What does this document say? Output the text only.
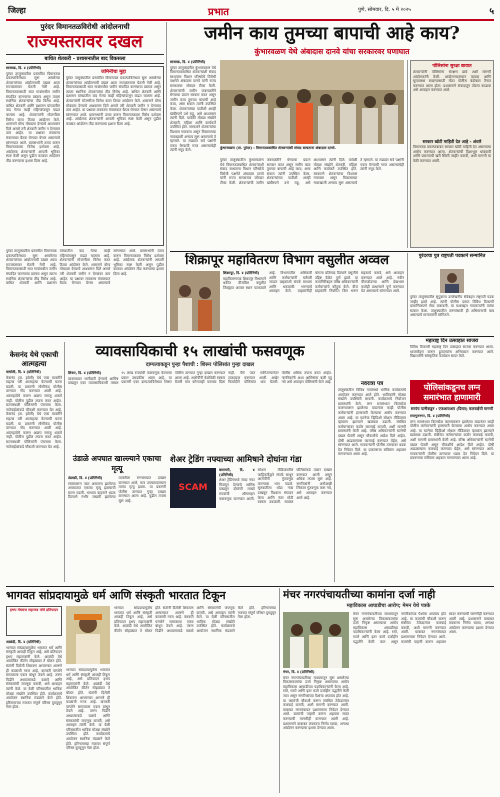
जिल्हा	प्रभात	पुणे, सोमवार, दि. ५ मे २०२५	५
पुरंदर विमानतळविरोधी आंदोलनाची
राज्यस्तरावर दखल
बाधित शेतकरी - प्रशासनातील बाद विकसला
सासवड, दि. ४ (प्रतिनिधी)
पुरंदर तालुक्यातील प्रस्तावित विमानतळ प्रकल्पाविरोधात सुरू असलेल्या शेतकऱ्यांच्या आंदोलनाची दखल आता राज्यस्तरावर घेतली गेली आहे. विमानतळासाठी सात गावांमधील जमीन संपादित करण्याचा प्रस्ताव असून त्याला स्थानिक शेतकऱ्यांचा तीव्र विरोध आहे. बाधित शेतकरी आणि प्रशासन यांच्यातील वाद गेल्या काही महिन्यांपासून वाढत चालला आहे. शेतकऱ्यांनी मोजणीला विरोध करत ठिय्या आंदोलन केले. शासनाने योग्य मोबदला देण्याचे आश्वासन दिले असले तरी शेतकरी जमीन न देण्यावर ठाम आहेत. या प्रश्नावर लवकरच मंत्रालयात बैठक घेण्यात येणार असल्याचे सांगण्यात आले. ग्रामसभांनी ठराव करून विमानतळाला विरोध दर्शवला आहे. आंदोलक शेतकऱ्यांनी आपली भूमिका स्पष्ट केली असून पुढील काळात आंदोलन तीव्र करण्याचा इशारा दिला आहे.
जमिनीचा मुद्दा
पुरंदर तालुक्यातील प्रस्तावित विमानतळ प्रकल्पाविरोधात सुरू असलेल्या शेतकऱ्यांच्या आंदोलनाची दखल आता राज्यस्तरावर घेतली गेली आहे. विमानतळासाठी सात गावांमधील जमीन संपादित करण्याचा प्रस्ताव असून त्याला स्थानिक शेतकऱ्यांचा तीव्र विरोध आहे. बाधित शेतकरी आणि प्रशासन यांच्यातील वाद गेल्या काही महिन्यांपासून वाढत चालला आहे. शेतकऱ्यांनी मोजणीला विरोध करत ठिय्या आंदोलन केले. शासनाने योग्य मोबदला देण्याचे आश्वासन दिले असले तरी शेतकरी जमीन न देण्यावर ठाम आहेत. या प्रश्नावर लवकरच मंत्रालयात बैठक घेण्यात येणार असल्याचे सांगण्यात आले. ग्रामसभांनी ठराव करून विमानतळाला विरोध दर्शवला आहे. आंदोलक शेतकऱ्यांनी आपली भूमिका स्पष्ट केली असून पुढील काळात आंदोलन तीव्र करण्याचा इशारा दिला आहे.
पुरंदर तालुक्यातील प्रस्तावित विमानतळ प्रकल्पाविरोधात सुरू असलेल्या शेतकऱ्यांच्या आंदोलनाची दखल आता राज्यस्तरावर घेतली गेली आहे. विमानतळासाठी सात गावांमधील जमीन संपादित करण्याचा प्रस्ताव असून त्याला स्थानिक शेतकऱ्यांचा तीव्र विरोध आहे. बाधित शेतकरी आणि प्रशासन यांच्यातील वाद गेल्या काही महिन्यांपासून वाढत चालला आहे. शेतकऱ्यांनी मोजणीला विरोध करत ठिय्या आंदोलन केले. शासनाने योग्य मोबदला देण्याचे आश्वासन दिले असले तरी शेतकरी जमीन न देण्यावर ठाम आहेत. या प्रश्नावर लवकरच मंत्रालयात बैठक घेण्यात येणार असल्याचे सांगण्यात आले. ग्रामसभांनी ठराव करून विमानतळाला विरोध दर्शवला आहे. आंदोलक शेतकऱ्यांनी आपली भूमिका स्पष्ट केली असून पुढील काळात आंदोलन तीव्र करण्याचा इशारा दिला आहे.
जमीन काय तुमच्या बापाची आहे काय?
कुंभारवळण येथे अंबादास दानवे यांचा सरकारवर घणाघात
सासवड, दि. ४ (प्रतिनिधी)
पुरंदर तालुक्यातील कुंभारवळण येथे विमानतळबाधित शेतकऱ्यांशी संवाद साधताना विधान परिषदेचे विरोधी पक्षनेते अंबादास दानवे यांनी राज्य सरकारवर जोरदार टीका केली. शेतकऱ्यांची जमीन जबरदस्तीने घेण्याचा प्रयत्न सरकार करत असून जमीन काय तुमच्या बापाची आहे काय, असा सवाल त्यांनी उपस्थित केला. शेतकऱ्यांच्या पाठीशी आम्ही खंबीरपणे उभे राहू, असे आश्वासन त्यांनी दिले. यावेळी मोठ्या संख्येने शेतकरी, महिला आणि कार्यकर्ते उपस्थित होते. सरकारने शेतकऱ्यांचा विश्वास गमावला असून विकासाच्या नावाखाली अन्याय सुरू असल्याचे ते म्हणाले. या लढ्यात सर्व पक्षांनी एकत्र येण्याची गरज असल्याचेही त्यांनी नमूद केले.
कुंभारवळण (ता. पुरंदर) : विमानतळबाधित शेतकऱ्यांशी संवाद साधताना अंबादास दानवे.
पुरंदर तालुक्यातील कुंभारवळण येथे विमानतळबाधित शेतकऱ्यांशी संवाद साधताना विधान परिषदेचे विरोधी पक्षनेते अंबादास दानवे यांनी राज्य सरकारवर जोरदार टीका केली. शेतकऱ्यांची जमीन जबरदस्तीने घेण्याचा प्रयत्न सरकार करत असून जमीन काय तुमच्या बापाची आहे काय, असा सवाल त्यांनी उपस्थित केला. शेतकऱ्यांच्या पाठीशी आम्ही खंबीरपणे उभे राहू, असे आश्वासन त्यांनी दिले. यावेळी मोठ्या संख्येने शेतकरी, महिला आणि कार्यकर्ते उपस्थित होते. सरकारने शेतकऱ्यांचा विश्वास गमावला असून विकासाच्या नावाखाली अन्याय सुरू असल्याचे ते म्हणाले. या लढ्यात सर्व पक्षांनी एकत्र येण्याची गरज असल्याचेही त्यांनी नमूद केले.
पोलिसांना सुरक्षा द्यावात
शेतकऱ्यांनी पोलिसांना संरक्षण द्यावे अशी मागणी आंदोलकांनी केली. आंदोलनादरम्यान कायदा आणि सुव्यवस्था राखण्यासाठी मोठा पोलीस बंदोबस्त तैनात करण्यात आला होता. प्रशासनाने संवादातून तोडगा काढावा असे आवाहन करण्यात आले.
सरकार खोटी माहिती देत आहे - अंधारे
विमानतळ प्रकल्पाबाबत सरकार खोटी माहिती देत असल्याचा आरोप करण्यात आला. शेतकऱ्यांची दिशाभूल थांबवावी आणि प्रकल्पाची खरी स्थिती जाहीर करावी, अशी मागणी या वेळी करण्यात आली.
शिक्रापूर महावितरण विभाग वसुलीत अव्वल
शिक्रापूर, दि. ४ (प्रतिनिधी)
महावितरणच्या शिक्रापूर विभागाने थकीत वीजबिल वसुलीत जिल्ह्यात अव्वल स्थान पटकावले आहे. विभागातील अधिकारी आणि कर्मचाऱ्यांनी घरोघरी जाऊन ग्राहकांशी संपर्क साधला आणि थकबाकी भरण्याचे आवाहन केले. ग्राहकांनीही चांगला प्रतिसाद दिल्याने वसुलीचे उद्दिष्ट वेळेत पूर्ण झाले. या कामगिरीबद्दल वरिष्ठ अधिकाऱ्यांनी कर्मचाऱ्यांचे कौतुक केले. वीज ग्राहकांनी नियमित बिल भरून सहकार्य करावे, असे आवाहन करण्यात आले आहे. नवीन वीजजोडण्या आणि देखभाल कामेही प्राधान्याने पूर्ण करण्यात येत असल्याचे सांगण्यात आले.
पुरंदरचा पुत्र राष्ट्रपती पदकाने सन्मानित
पुरंदर तालुक्यातील सुपुत्राला उल्लेखनीय सेवेबद्दल राष्ट्रपती पदक जाहीर झाले आहे. त्यांनी पोलीस दलात विविध ठिकाणी प्रामाणिकपणे सेवा बजावली. या यशाबद्दल गावकऱ्यांनी त्यांचा सत्कार केला. तालुक्यातील तरुणांसाठी ही अभिमानाची बाब असल्याचे मान्यवरांनी सांगितले.
महाराष्ट्र दिन उत्साहात साजरा
विविध ठिकाणी महाराष्ट्र दिन उत्साहात साजरा करण्यात आला. ध्वजारोहण करून हुतात्म्यांना अभिवादन करण्यात आले. विद्यार्थ्यांनी सांस्कृतिक कार्यक्रम सादर केले.
केसनंद येथे एकाची आत्महत्या
वाघोली, दि. ४ (प्रतिनिधी)
केसनंद (ता. हवेली) येथे एका व्यक्तीने राहत्या घरी आत्महत्या केल्याची घटना घडली. या प्रकरणी लोणीकंद पोलीस ठाण्यात नोंद करण्यात आली आहे. आत्महत्येचे कारण अद्याप समजू शकले नाही. पोलीस पुढील तपास करत आहेत. घटनास्थळी पोलिसांनी पंचनामा केला. नातेवाईकांकडे चौकशी करण्यात येत आहे. केसनंद (ता. हवेली) येथे एका व्यक्तीने राहत्या घरी आत्महत्या केल्याची घटना घडली. या प्रकरणी लोणीकंद पोलीस ठाण्यात नोंद करण्यात आली आहे. आत्महत्येचे कारण अद्याप समजू शकले नाही. पोलीस पुढील तपास करत आहेत. घटनास्थळी पोलिसांनी पंचनामा केला. नातेवाईकांकडे चौकशी करण्यात येत आहे.
व्यावसायिकाची १५ लाखांची फसवणूक
दाम्पत्याकडून पुन्हा पैशाची : शिरूर पोलिसांत गुन्हा दाखल
शिरूर, दि. ४ (प्रतिनिधी)
व्यवसायात भागीदारी देण्याचे आमिष दाखवून एका व्यावसायिकाची तब्बल १५ लाख रुपयांची फसवणूक केल्याचा प्रकार उघडकीस आला आहे. या प्रकरणी एका दाम्पत्याविरोधात शिरूर पोलीस ठाण्यात गुन्हा दाखल करण्यात आला आहे. आरोपींनी वेळोवेळी रक्कम घेतली मात्र कोणताही परतावा दिला नाही. पैसे परत मागितल्यानंतर टाळाटाळ करण्यात आली. अखेर फिर्यादीने पोलिसांत धाव घेतली. पोलीस अधिक तपास करत आहेत. नागरिकांनी अशा आमिषांना बळी पडू नये असे आवाहन पोलिसांनी केले आहे.
उंडाळे अपघात खाल्ल्याने एकाचा मृत्यू
उंडवडी, दि. ४ (प्रतिनिधी)
रस्त्यावरून जात असताना झालेल्या अपघातात एकाचा मृत्यू झाल्याची घटना घडली. भरधाव वाहनाने धडक दिल्याने गंभीर जखमी झालेल्या व्यक्तीला रुग्णालयात दाखल करण्यात आले, मात्र उपचारादरम्यान त्याचा मृत्यू झाला. या प्रकरणी पोलीस ठाण्यात गुन्हा दाखल करण्यात आला आहे. पुढील तपास सुरू आहे.
शेअर ट्रेडिंग नफ्याच्या आमिषाने दोघांना गंडा
SCAM
बारामती, दि. ४ (प्रतिनिधी)
शेअर ट्रेडिंगमध्ये जादा नफा मिळवून देण्याचे आमिष दाखवून दोघांची लाखो रुपयांची ऑनलाइन फसवणूक करण्यात आली. सोशल मीडियावरील जाहिरातीद्वारे संपर्क साधून आरोपींनी गुंतवणूक करण्यास भाग पाडले. सुरुवातीला थोडा नफा दाखवून विश्वास संपादन केला आणि नंतर मोठी रक्कम उकळली. सायबर पोलिसांकडे तक्रार दाखल करण्यात आली असून अधिक तपास सुरू आहे. नागरिकांनी अनोळखी लिंकवर गुंतवणूक करू नये, असे आवाहन करण्यात आले आहे.
नवरात्रा पत्र
तालुक्यातील विविध गावांमध्ये धार्मिक कार्यक्रमांचे आयोजन करण्यात आले होते. भाविकांनी मोठ्या संख्येने उपस्थिती लावली. कार्यक्रमाचे नियोजन ग्रामस्थांनी केले. लग्न समारंभात किरकोळ कारणावरून झालेल्या वादानंतर काही पोलीस कर्मचाऱ्यांनी हाणामारी केल्याचा आरोप करण्यात आला आहे. या घटनेचा व्हिडिओ सोशल मीडियावर व्हायरल झाल्याने खळबळ उडाली. संबंधित कर्मचाऱ्यांवर कठोर कारवाई करावी, अशी मागणी ग्रामस्थांनी केली आहे. वरिष्ठ अधिकाऱ्यांनी घटनेची दखल घेतली असून चौकशीचे आदेश दिले आहेत. दोषी आढळल्यास कारवाई करण्यात येईल, असे सांगण्यात आले. गावकऱ्यांनी पोलीस ठाण्यावर धडक देत निवेदन दिले. या प्रकरणाचा सविस्तर अहवाल मागवण्यात आला आहे.
पोलिसांकडूनच लग्न समारंभात हाणामारी
सरपंच पत्नीकडून : एफआयआर (दिसत) कारवाईची मागणी
राजगुरुनगर, दि. ४ (प्रतिनिधी)
लग्न समारंभात किरकोळ कारणावरून झालेल्या वादानंतर काही पोलीस कर्मचाऱ्यांनी हाणामारी केल्याचा आरोप करण्यात आला आहे. या घटनेचा व्हिडिओ सोशल मीडियावर व्हायरल झाल्याने खळबळ उडाली. संबंधित कर्मचाऱ्यांवर कठोर कारवाई करावी, अशी मागणी ग्रामस्थांनी केली आहे. वरिष्ठ अधिकाऱ्यांनी घटनेची दखल घेतली असून चौकशीचे आदेश दिले आहेत. दोषी आढळल्यास कारवाई करण्यात येईल, असे सांगण्यात आले. गावकऱ्यांनी पोलीस ठाण्यावर धडक देत निवेदन दिले. या प्रकरणाचा सविस्तर अहवाल मागवण्यात आला आहे.
भागवत सांप्रदायामुळे धर्म आणि संस्कृती भारतात टिकून
हभप मेघराज महाराज यांचे प्रतिपादन
आळंदी, दि. ४ (प्रतिनिधी)
भागवत सांप्रदायामुळेच भारतात धर्म आणि संस्कृती आजही टिकून आहे, असे प्रतिपादन हभप महाराजांनी केले. आळंदी येथे आयोजित कीर्तन सोहळ्यात ते बोलत होते. संतांनी दिलेली शिकवण आचरणात आणणे ही काळाची गरज आहे. वारकरी परंपरेने समाजाला एकत्र बांधून ठेवले आहे. तरुण पिढीने अध्यात्माकडे वळावे आणि संस्कारांची जपणूक करावी, असे आवाहन त्यांनी केले. या वेळी परिसरातील भाविक मोठ्या संख्येने उपस्थित होते. कार्यक्रमाचे आयोजन स्थानिक मंडळाने केले होते. हरिनामाच्या गजरात संपूर्ण परिसर दुमदुमून गेला होता.
भागवत सांप्रदायामुळेच भारतात धर्म आणि संस्कृती आजही टिकून आहे, असे प्रतिपादन हभप महाराजांनी केले. आळंदी येथे आयोजित कीर्तन सोहळ्यात ते बोलत होते. संतांनी दिलेली शिकवण आचरणात आणणे ही काळाची गरज आहे. वारकरी परंपरेने समाजाला एकत्र बांधून ठेवले आहे. तरुण पिढीने अध्यात्माकडे वळावे आणि संस्कारांची जपणूक करावी, असे आवाहन त्यांनी केले. या वेळी परिसरातील भाविक मोठ्या संख्येने उपस्थित होते. कार्यक्रमाचे आयोजन स्थानिक मंडळाने केले होते. हरिनामाच्या गजरात संपूर्ण परिसर दुमदुमून गेला होता.
भागवत सांप्रदायामुळेच भारतात धर्म आणि संस्कृती आजही टिकून आहे, असे प्रतिपादन हभप महाराजांनी केले. आळंदी येथे आयोजित कीर्तन सोहळ्यात ते बोलत होते. संतांनी दिलेली शिकवण आचरणात आणणे ही काळाची गरज आहे. वारकरी परंपरेने समाजाला एकत्र बांधून ठेवले आहे. तरुण पिढीने अध्यात्माकडे वळावे आणि संस्कारांची जपणूक करावी, असे आवाहन त्यांनी केले. या वेळी परिसरातील भाविक मोठ्या संख्येने उपस्थित होते. कार्यक्रमाचे आयोजन स्थानिक मंडळाने केले होते. हरिनामाच्या गजरात संपूर्ण परिसर दुमदुमून गेला होता.
मंचर नगरपंचायतीच्या कामांना दर्जा नाही
महाविकास आघाडीचा आरोप; मेमन येथे पत्रके
मंचर, दि. ४ (प्रतिनिधी)
मंचर नगरपंचायतीच्या माध्यमातून सुरू असलेल्या विकासकामांचा दर्जा निकृष्ट असल्याचा आरोप महाविकास आघाडीच्या पदाधिकाऱ्यांनी केला आहे. रस्ते, गटारे आणि इतर कामे दर्जाहीन पद्धतीने केली जात असून नागरिकांच्या पैशांचा अपव्यय होत आहे. या कामांची चौकशी करून संबंधित ठेकेदारांवर कारवाई करावी, अशी मागणी करण्यात आली. याबाबत नगरपंचायत प्रशासनाला निवेदन देण्यात आले. कामांची पाहणी करून अहवाल सादर करण्याची मागणीही करण्यात आली आहे. प्रशासनाने याबाबत लवकरच निर्णय घ्यावा, अन्यथा आंदोलन करण्याचा इशारा देण्यात आला.
मंचर नगरपंचायतीच्या माध्यमातून सुरू असलेल्या विकासकामांचा दर्जा निकृष्ट असल्याचा आरोप महाविकास आघाडीच्या पदाधिकाऱ्यांनी केला आहे. रस्ते, गटारे आणि इतर कामे दर्जाहीन पद्धतीने केली जात असून नागरिकांच्या पैशांचा अपव्यय होत आहे. या कामांची चौकशी करून संबंधित ठेकेदारांवर कारवाई करावी, अशी मागणी करण्यात आली. याबाबत नगरपंचायत प्रशासनाला निवेदन देण्यात आले. कामांची पाहणी करून अहवाल सादर करण्याची मागणीही करण्यात आली आहे. प्रशासनाने याबाबत लवकरच निर्णय घ्यावा, अन्यथा आंदोलन करण्याचा इशारा देण्यात आला.
